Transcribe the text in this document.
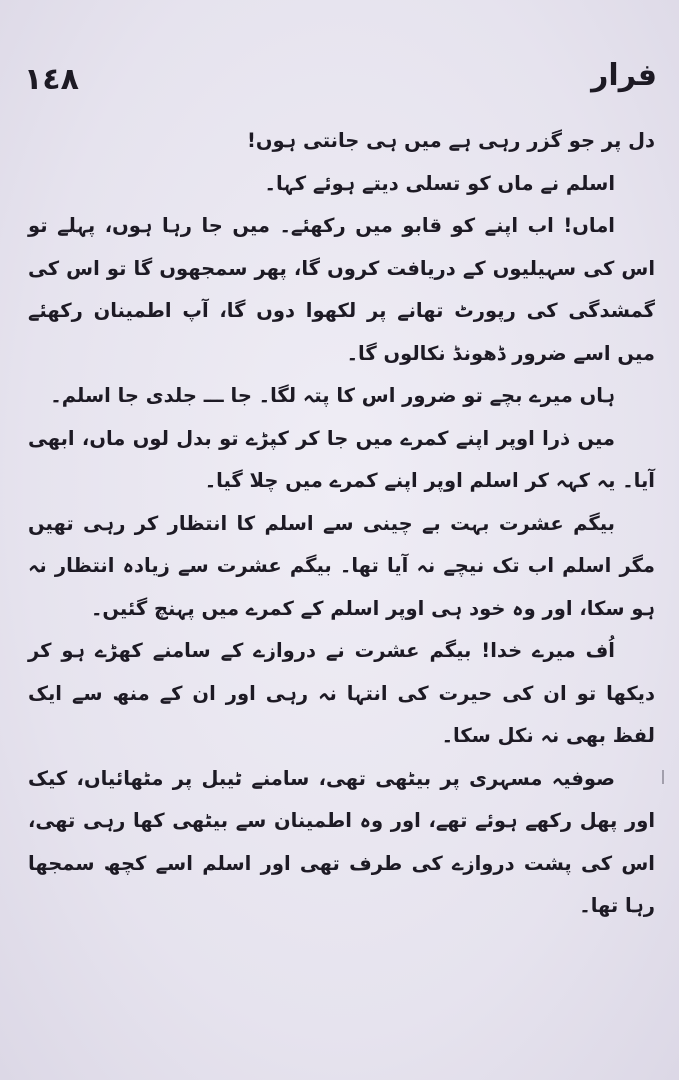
١٤٨	فرار

دل پر جو گزر رہی ہے میں ہی جانتی ہوں!

اسلم نے ماں کو تسلی دیتے ہوئے کہا۔

اماں! اب اپنے کو قابو میں رکھئے۔ میں جا رہا ہوں، پہلے تو اس کی سہیلیوں کے دریافت کروں گا، پھر سمجھوں گا تو اس کی گمشدگی کی رپورٹ تھانے پر لکھوا دوں گا، آپ اطمینان رکھئے میں اسے ضرور ڈھونڈ نکالوں گا۔

ہاں میرے بچے تو ضرور اس کا پتہ لگا۔ جا ـــ جلدی جا اسلم۔

میں ذرا اوپر اپنے کمرے میں جا کر کپڑے تو بدل لوں ماں، ابھی آیا۔ یہ کہہ کر اسلم اوپر اپنے کمرے میں چلا گیا۔

بیگم عشرت بہت بے چینی سے اسلم کا انتظار کر رہی تھیں مگر اسلم اب تک نیچے نہ آیا تھا۔ بیگم عشرت سے زیادہ انتظار نہ ہو سکا، اور وہ خود ہی اوپر اسلم کے کمرے میں پہنچ گئیں۔

اُف میرے خدا! بیگم عشرت نے دروازے کے سامنے کھڑے ہو کر دیکھا تو ان کی حیرت کی انتہا نہ رہی اور ان کے منھ سے ایک لفظ بھی نہ نکل سکا۔

صوفیہ مسہری پر بیٹھی تھی، سامنے ٹیبل پر مٹھائیاں، کیک اور پھل رکھے ہوئے تھے، اور وہ اطمینان سے بیٹھی کھا رہی تھی، اس کی پشت دروازے کی طرف تھی اور اسلم اسے کچھ سمجھا رہا تھا۔
